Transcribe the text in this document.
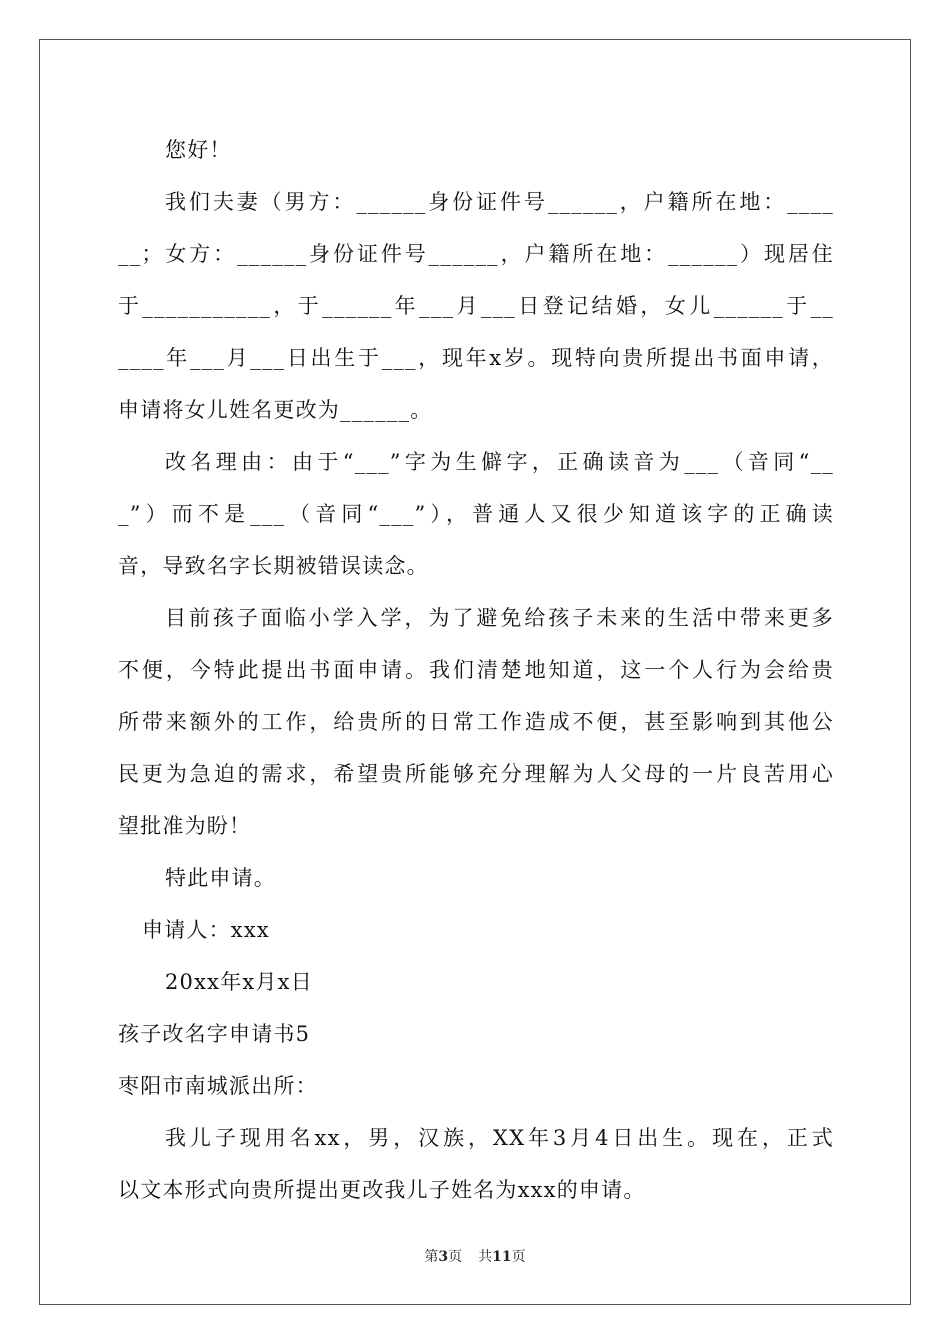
您好！
我们夫妻（男方：______身份证件号______，户籍所在地：____
__；女方：______身份证件号______，户籍所在地：______）现居住
于___________，于______年___月___日登记结婚，女儿______于__
____年___月___日出生于___，现年x岁。现特向贵所提出书面申请，
申请将女儿姓名更改为______。
改名理由：由于“___”字为生僻字，正确读音为___（音同“__
_”）而不是___（音同“___”），普通人又很少知道该字的正确读
音，导致名字长期被错误读念。
目前孩子面临小学入学，为了避免给孩子未来的生活中带来更多
不便，今特此提出书面申请。我们清楚地知道，这一个人行为会给贵
所带来额外的工作，给贵所的日常工作造成不便，甚至影响到其他公
民更为急迫的需求，希望贵所能够充分理解为人父母的一片良苦用心
望批准为盼！
特此申请。
申请人：xxx
20xx年x月x日
孩子改名字申请书5
枣阳市南城派出所：
我儿子现用名xx，男，汉族，XX年3月4日出生。现在，正式
以文本形式向贵所提出更改我儿子姓名为xxx的申请。
第3页 共11页
